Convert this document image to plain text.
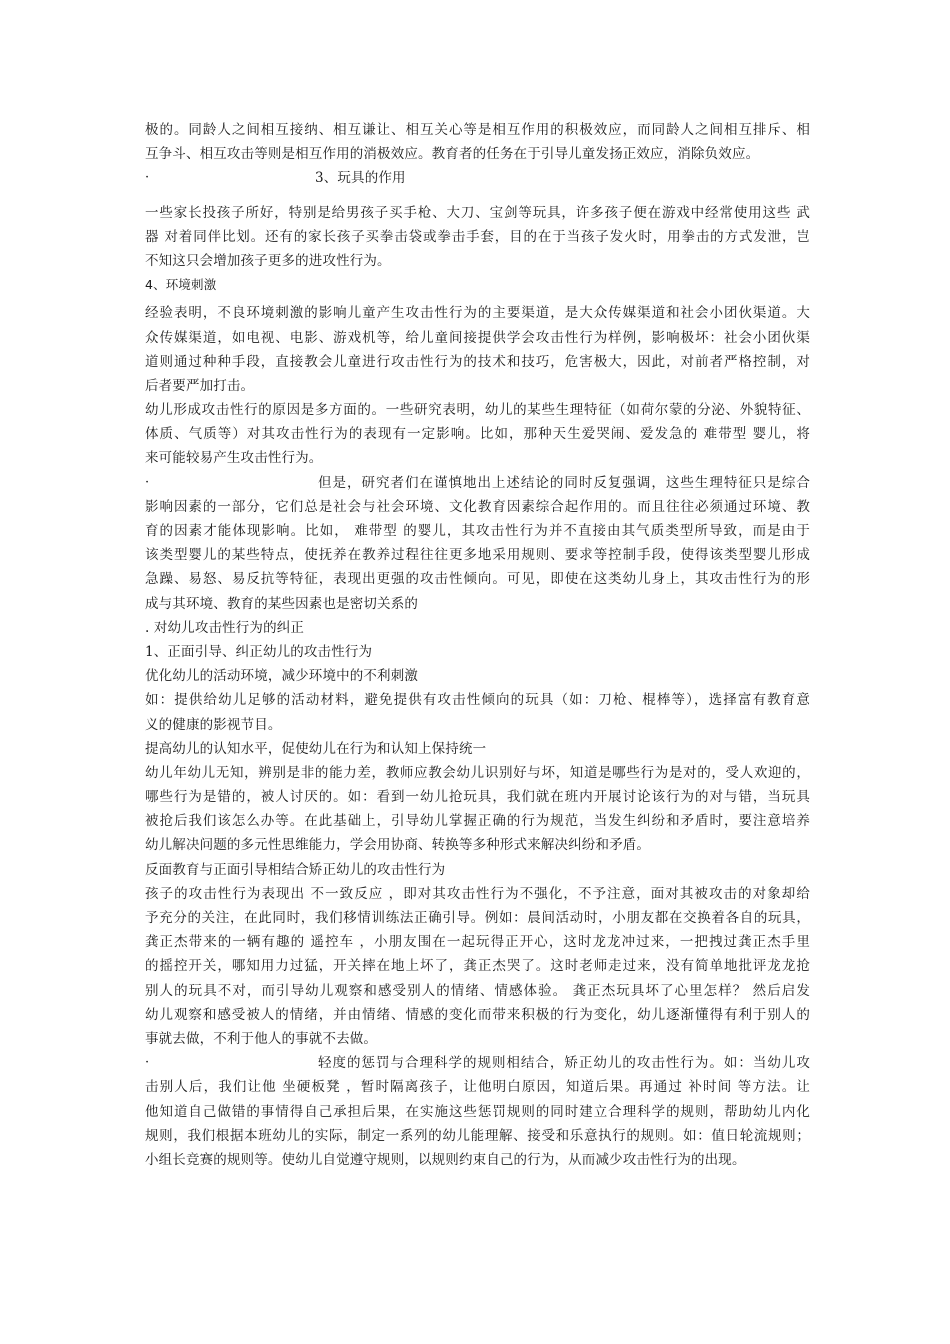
极的。同龄人之间相互接纳、相互谦让、相互关心等是相互作用的积极效应，而同龄人之间相互排斥、相
互争斗、相互攻击等则是相互作用的消极效应。教育者的任务在于引导儿童发扬正效应，消除负效应。
·	3、玩具的作用
一些家长投孩子所好，特别是给男孩子买手枪、大刀、宝剑等玩具，许多孩子便在游戏中经常使用这些 武
器 对着同伴比划。还有的家长孩子买拳击袋或拳击手套，目的在于当孩子发火时，用拳击的方式发泄，岂
不知这只会增加孩子更多的进攻性行为。
4、环境刺激
经验表明，不良环境刺激的影响儿童产生攻击性行为的主要渠道，是大众传媒渠道和社会小团伙渠道。大
众传媒渠道，如电视、电影、游戏机等，给儿童间接提供学会攻击性行为样例，影响极坏：社会小团伙渠
道则通过种种手段，直接教会儿童进行攻击性行为的技术和技巧，危害极大，因此，对前者严格控制，对
后者要严加打击。
幼儿形成攻击性行的原因是多方面的。一些研究表明，幼儿的某些生理特征（如荷尔蒙的分泌、外貌特征、
体质、气质等）对其攻击性行为的表现有一定影响。比如，那种天生爱哭闹、爱发急的 难带型 婴儿，将
来可能较易产生攻击性行为。
·	但是，研究者们在谨慎地出上述结论的同时反复强调，这些生理特征只是综合
影响因素的一部分，它们总是社会与社会环境、文化教育因素综合起作用的。而且往往必须通过环境、教
育的因素才能体现影响。比如， 难带型 的婴儿，其攻击性行为并不直接由其气质类型所导致，而是由于
该类型婴儿的某些特点，使抚养在教养过程往往更多地采用规则、要求等控制手段，使得该类型婴儿形成
急躁、易怒、易反抗等特征，表现出更强的攻击性倾向。可见，即使在这类幼儿身上，其攻击性行为的形
成与其环境、教育的某些因素也是密切关系的
. 对幼儿攻击性行为的纠正
1、正面引导、纠正幼儿的攻击性行为
优化幼儿的活动环境，减少环境中的不利刺激
如：提供给幼儿足够的活动材料，避免提供有攻击性倾向的玩具（如：刀枪、棍棒等），选择富有教育意
义的健康的影视节目。
提高幼儿的认知水平，促使幼儿在行为和认知上保持统一
幼儿年幼儿无知，辨别是非的能力差，教师应教会幼儿识别好与坏，知道是哪些行为是对的，受人欢迎的，
哪些行为是错的，被人讨厌的。如：看到一幼儿抢玩具，我们就在班内开展讨论该行为的对与错，当玩具
被抢后我们该怎么办等。在此基础上，引导幼儿掌握正确的行为规范，当发生纠纷和矛盾时，要注意培养
幼儿解决问题的多元性思维能力，学会用协商、转换等多种形式来解决纠纷和矛盾。
反面教育与正面引导相结合矫正幼儿的攻击性行为
孩子的攻击性行为表现出 不一致反应 ，即对其攻击性行为不强化，不予注意，面对其被攻击的对象却给
予充分的关注，在此同时，我们移情训练法正确引导。例如：晨间活动时，小朋友都在交换着各自的玩具，
龚正杰带来的一辆有趣的 遥控车 ，小朋友围在一起玩得正开心，这时龙龙冲过来，一把拽过龚正杰手里
的摇控开关，哪知用力过猛，开关摔在地上坏了，龚正杰哭了。这时老师走过来，没有简单地批评龙龙抢
别人的玩具不对，而引导幼儿观察和感受别人的情绪、情感体验。 龚正杰玩具坏了心里怎样？ 然后启发
幼儿观察和感受被人的情绪，并由情绪、情感的变化而带来积极的行为变化，幼儿逐渐懂得有利于别人的
事就去做，不利于他人的事就不去做。
·	轻度的惩罚与合理科学的规则相结合，矫正幼儿的攻击性行为。如：当幼儿攻
击别人后，我们让他 坐硬板凳 ，暂时隔离孩子，让他明白原因，知道后果。再通过 补时间 等方法。让
他知道自己做错的事情得自己承担后果，在实施这些惩罚规则的同时建立合理科学的规则，帮助幼儿内化
规则，我们根据本班幼儿的实际，制定一系列的幼儿能理解、接受和乐意执行的规则。如：值日轮流规则；
小组长竞赛的规则等。使幼儿自觉遵守规则，以规则约束自己的行为，从而减少攻击性行为的出现。
